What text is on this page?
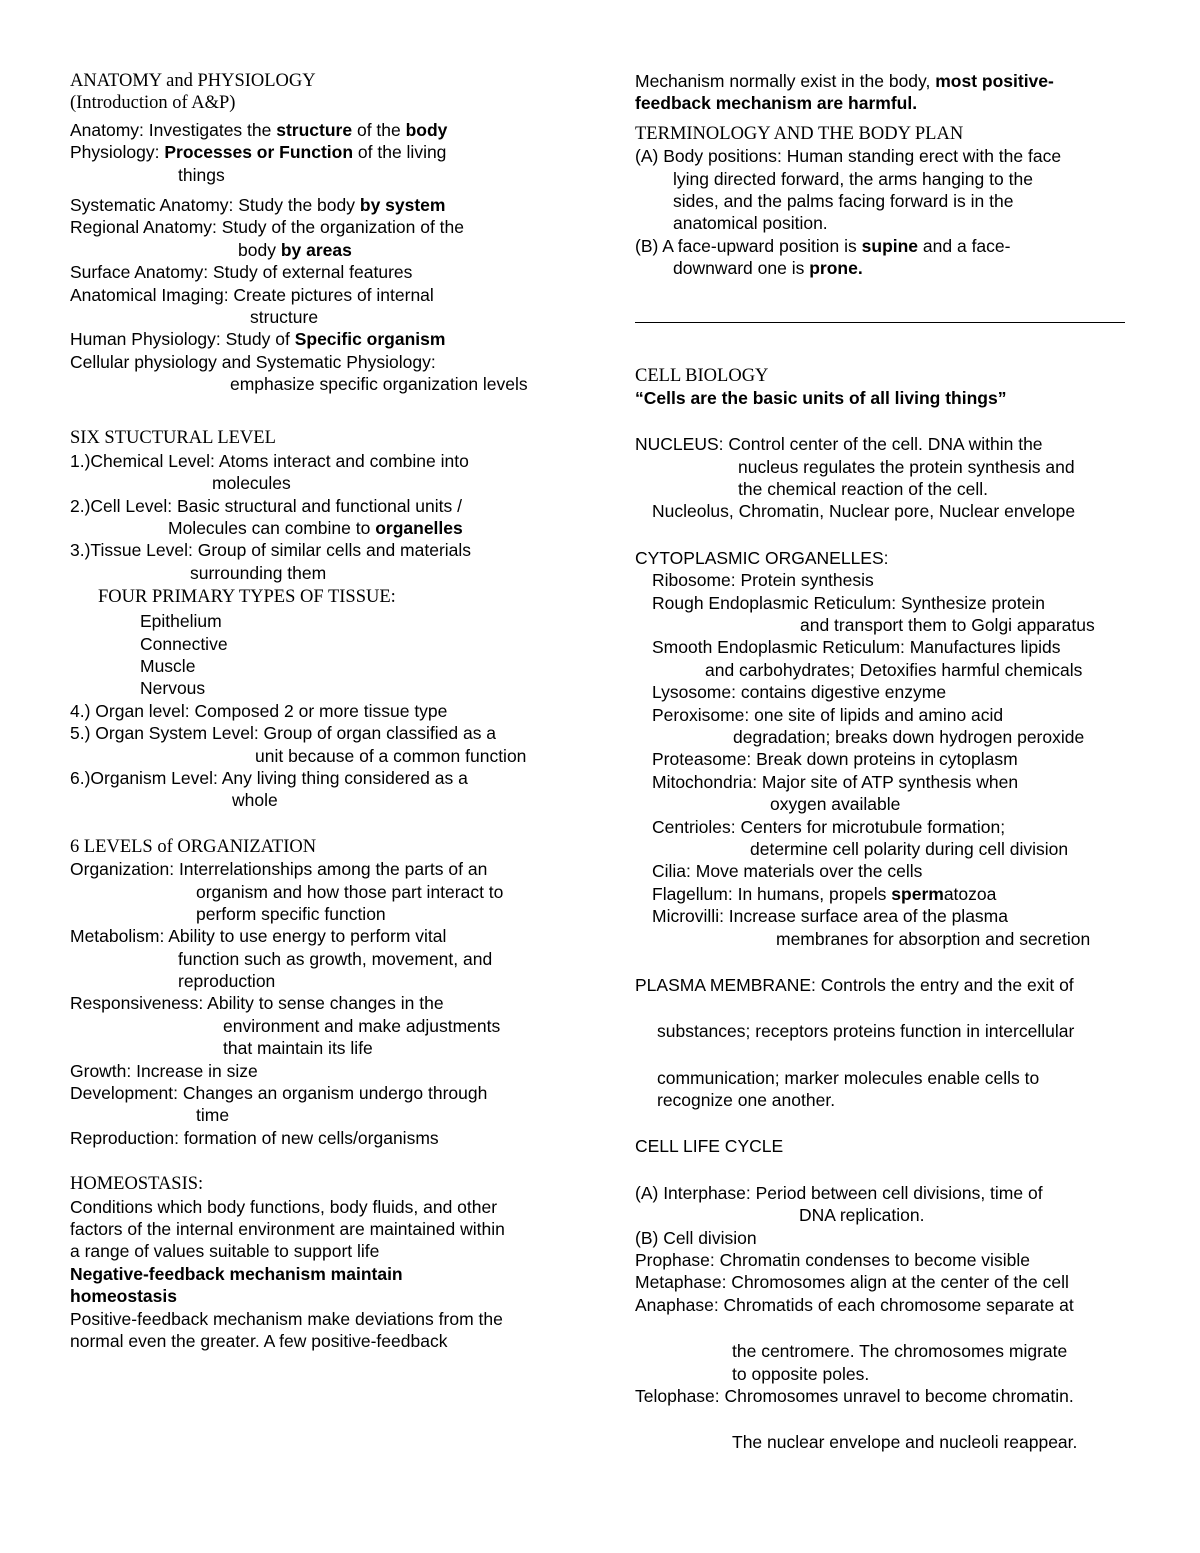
ANATOMY and PHYSIOLOGY
(Introduction of A&P)
Anatomy: Investigates the structure of the body
Physiology: Processes or Function of the living
things
Systematic Anatomy: Study the body by system
Regional Anatomy: Study of the organization of the
body by areas
Surface Anatomy: Study of external features
Anatomical Imaging: Create pictures of internal
structure
Human Physiology: Study of Specific organism
Cellular physiology and Systematic Physiology:
emphasize specific organization levels
SIX STUCTURAL LEVEL
1.)Chemical Level: Atoms interact and combine into
molecules
2.)Cell Level: Basic structural and functional units /
Molecules can combine to organelles
3.)Tissue Level: Group of similar cells and materials
surrounding them
FOUR PRIMARY TYPES OF TISSUE:
Epithelium
Connective
Muscle
Nervous
4.) Organ level: Composed 2 or more tissue type
5.) Organ System Level: Group of organ classified as a
unit because of a common function
6.)Organism Level: Any living thing considered as a
whole
6 LEVELS of ORGANIZATION
Organization: Interrelationships among the parts of an
organism and how those part interact to
perform specific function
Metabolism: Ability to use energy to perform vital
function such as growth, movement, and
reproduction
Responsiveness: Ability to sense changes in the
environment and make adjustments
that maintain its life
Growth: Increase in size
Development: Changes an organism undergo through
time
Reproduction: formation of new cells/organisms
HOMEOSTASIS:
Conditions which body functions, body fluids, and other
factors of the internal environment are maintained within
a range of values suitable to support life
Negative-feedback mechanism maintain
homeostasis
Positive-feedback mechanism make deviations from the
normal even the greater. A few positive-feedback
Mechanism normally exist in the body, most positive-
feedback mechanism are harmful.
TERMINOLOGY AND THE BODY PLAN
(A) Body positions: Human standing erect with the face
lying directed forward, the arms hanging to the
sides, and the palms facing forward is in the
anatomical position.
(B) A face-upward position is supine and a face-
downward one is prone.
CELL BIOLOGY
“Cells are the basic units of all living things”
NUCLEUS: Control center of the cell. DNA within the
nucleus regulates the protein synthesis and
the chemical reaction of the cell.
Nucleolus, Chromatin, Nuclear pore, Nuclear envelope
CYTOPLASMIC ORGANELLES:
Ribosome: Protein synthesis
Rough Endoplasmic Reticulum: Synthesize protein
and transport them to Golgi apparatus
Smooth Endoplasmic Reticulum: Manufactures lipids
and carbohydrates; Detoxifies harmful chemicals
Lysosome: contains digestive enzyme
Peroxisome: one site of lipids and amino acid
degradation; breaks down hydrogen peroxide
Proteasome: Break down proteins in cytoplasm
Mitochondria: Major site of ATP synthesis when
oxygen available
Centrioles: Centers for microtubule formation;
determine cell polarity during cell division
Cilia: Move materials over the cells
Flagellum: In humans, propels spermatozoa
Microvilli: Increase surface area of the plasma
membranes for absorption and secretion
PLASMA MEMBRANE: Controls the entry and the exit of
substances; receptors proteins function in intercellular
communication; marker molecules enable cells to
recognize one another.
CELL LIFE CYCLE
(A) Interphase: Period between cell divisions, time of
DNA replication.
(B) Cell division
Prophase: Chromatin condenses to become visible
Metaphase: Chromosomes align at the center of the cell
Anaphase: Chromatids of each chromosome separate at
the centromere. The chromosomes migrate
to opposite poles.
Telophase: Chromosomes unravel to become chromatin.
The nuclear envelope and nucleoli reappear.
